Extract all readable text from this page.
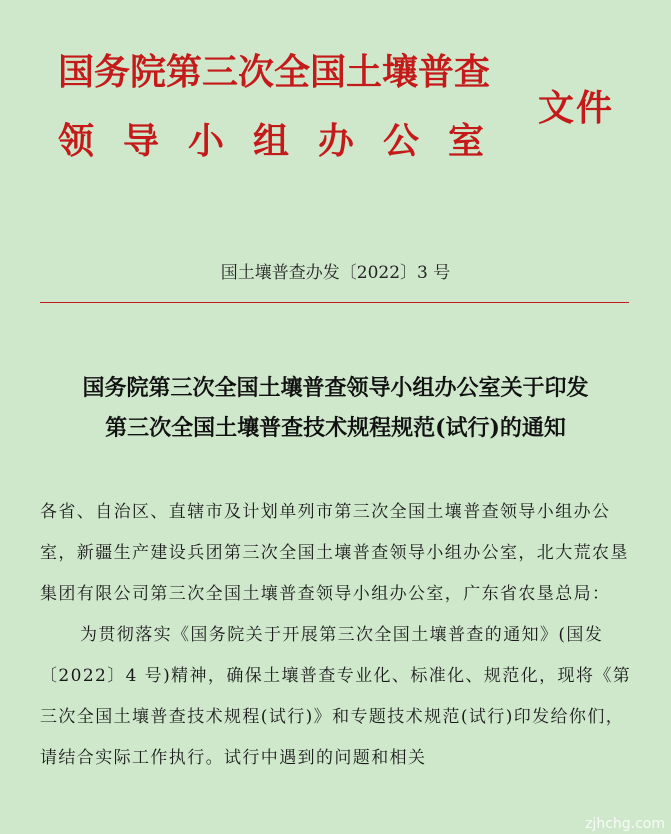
国务院第三次全国土壤普查
领导小组办公室
文件
国土壤普查办发〔2022〕3 号
国务院第三次全国土壤普查领导小组办公室关于印发
第三次全国土壤普查技术规程规范(试行)的通知

各省、自治区、直辖市及计划单列市第三次全国土壤普查领导小组办公室，新疆生产建设兵团第三次全国土壤普查领导小组办公室，北大荒农垦集团有限公司第三次全国土壤普查领导小组办公室，广东省农垦总局：

为贯彻落实《国务院关于开展第三次全国土壤普查的通知》(国发〔2022〕4 号)精神，确保土壤普查专业化、标准化、规范化，现将《第三次全国土壤普查技术规程(试行)》和专题技术规范(试行)印发给你们，请结合实际工作执行。试行中遇到的问题和相关

zjhchg.com
